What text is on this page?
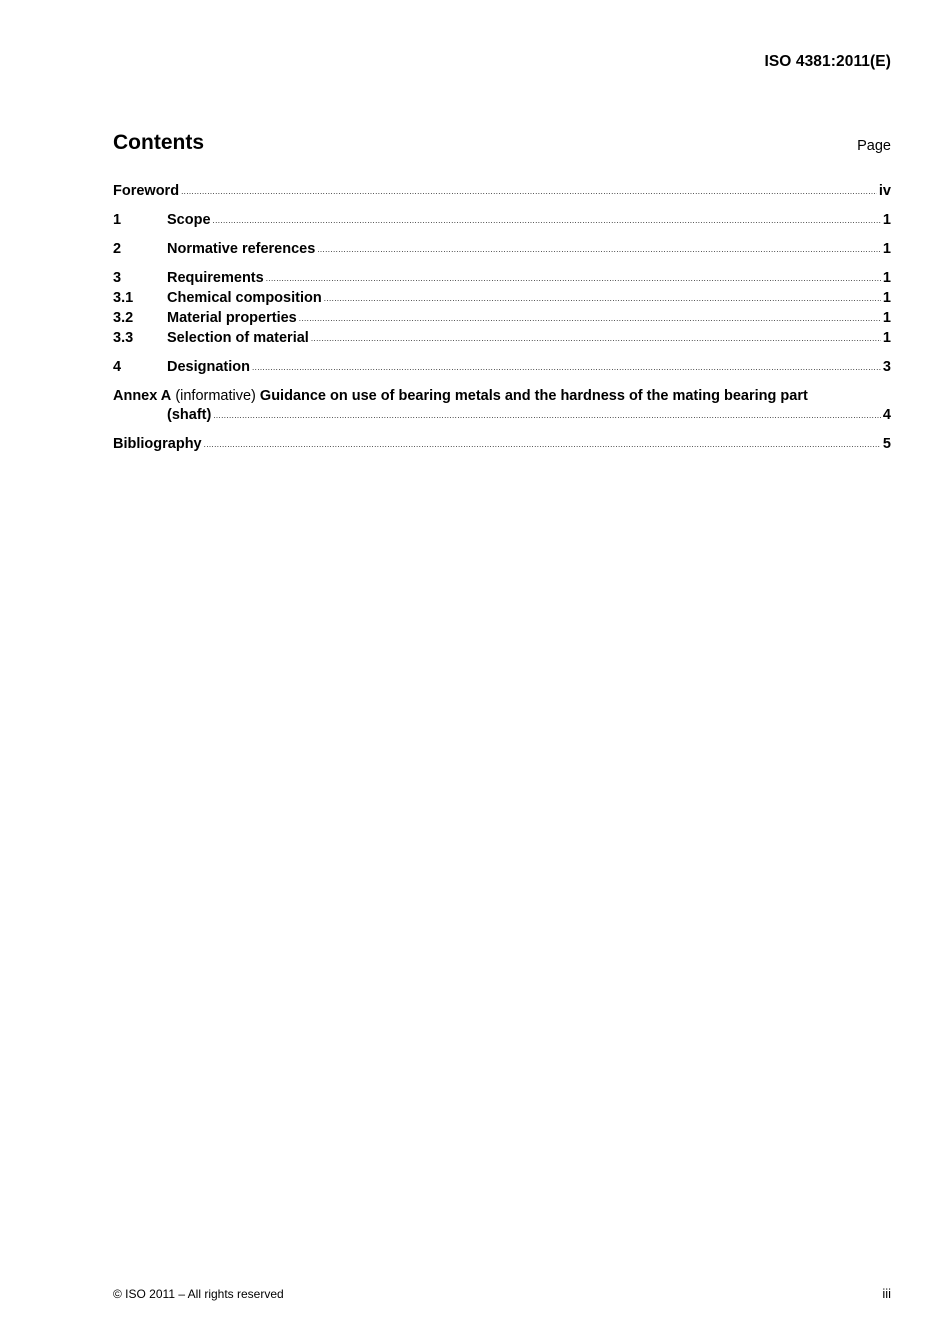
ISO 4381:2011(E)
Contents	Page
Foreword .....	iv
1	Scope .....	1
2	Normative references .....	1
3	Requirements .....	1
3.1	Chemical composition .....	1
3.2	Material properties .....	1
3.3	Selection of material .....	1
4	Designation .....	3
Annex A (informative) Guidance on use of bearing metals and the hardness of the mating bearing part
(shaft) .....	4
Bibliography .....	5
© ISO 2011 – All rights reserved	iii
